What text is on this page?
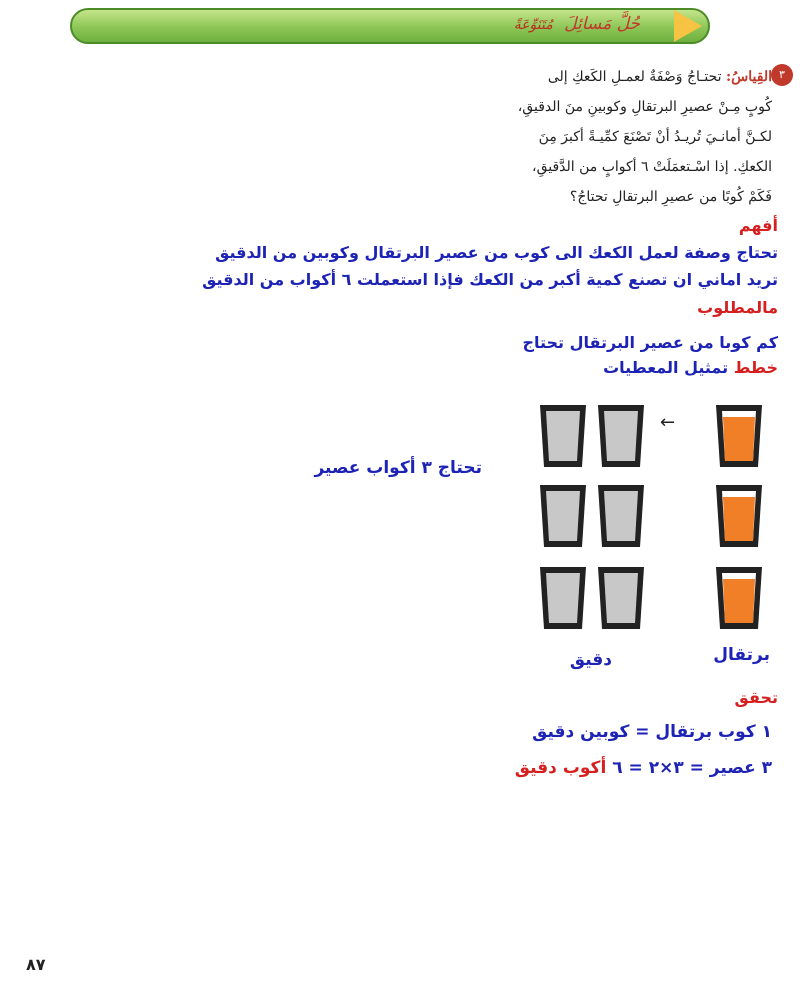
حُلَّ مَسائِلَ مُتَنَوِّعَةً
٣
القِياسُ: تحتـاجُ وَصْفَةٌ لعمـلِ الكَعكِ إلى
كُوبٍ مِـنْ عصيرِ البرتقالِ وكوبينِ منَ الدقيقِ،
لكـنَّ أمانـيَ تُريـدُ أنْ تَصْنَعَ كمِّيـةً أكبرَ مِنَ
الكعكِ. إذا اسْـتعمَلَتْ ٦ أكوابٍ من الدَّقيقِ،
فَكَمْ كُوبًا من عصيرِ البرتقالِ تحتاجُ؟
أفهم
تحتاج وصفة لعمل الكعك الى كوب من عصير البرتقال وكوبين من الدقيق
تريد اماني ان تصنع كمية أكبر من الكعك فإذا استعملت ٦ أكواب من الدقيق
مالمطلوب
كم كوبا من عصير البرتقال تحتاج
خطط تمثيل المعطيات
←
تحتاج ٣ أكواب عصير
برتقال
دقيق
تحقق
١ كوب برتقال = كوبين دقيق
٣ عصير = ٣×٢ = ٦ أكوب دقيق
٨٧
